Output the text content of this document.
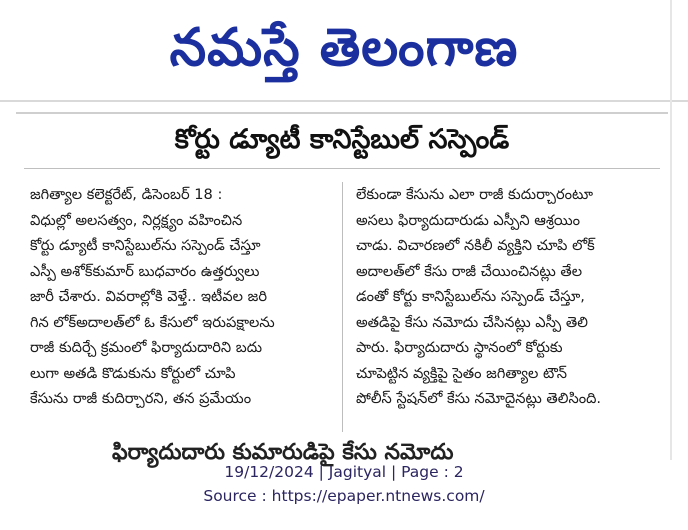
నమస్తే తెలంగాణ
కోర్టు డ్యూటీ కానిస్టేబుల్ సస్పెండ్
జగిత్యాల కలెక్టరేట్, డిసెంబర్ 18 :
విధుల్లో అలసత్వం, నిర్లక్ష్యం వహించిన
కోర్టు డ్యూటీ కానిస్టేబుల్‌ను సస్పెండ్ చేస్తూ
ఎస్పీ అశోక్‌కుమార్ బుధవారం ఉత్తర్వులు
జారీ చేశారు. వివరాల్లోకి వెళ్తే.. ఇటీవల జరి
గిన లోక్‌అదాలత్‌లో ఓ కేసులో ఇరుపక్షాలను
రాజీ కుదిర్చే క్రమంలో ఫిర్యాదుదారిని బదు
లుగా అతడి కొడుకును కోర్టులో చూపి
కేసును రాజీ కుదిర్చారని, తన ప్రమేయం
లేకుండా కేసును ఎలా రాజీ కుదుర్చారంటూ
అసలు ఫిర్యాదుదారుడు ఎస్పీని ఆశ్రయిం
చాడు. విచారణలో నకిలీ వ్యక్తిని చూపి లోక్
అదాలత్‌లో కేసు రాజీ చేయించినట్లు తేల
డంతో కోర్టు కానిస్టేబుల్‌ను సస్పెండ్ చేస్తూ,
అతడిపై కేసు నమోదు చేసినట్లు ఎస్పీ తెలి
పారు. ఫిర్యాదుదారు స్థానంలో కోర్టుకు
చూపెట్టిన వ్యక్తిపై సైతం జగిత్యాల టౌన్
పోలీస్ స్టేషన్‌లో కేసు నమోదైనట్లు తెలిసింది.
ఫిర్యాదుదారు కుమారుడిపై కేసు నమోదు
19/12/2024 | Jagityal | Page : 2
Source : https://epaper.ntnews.com/
